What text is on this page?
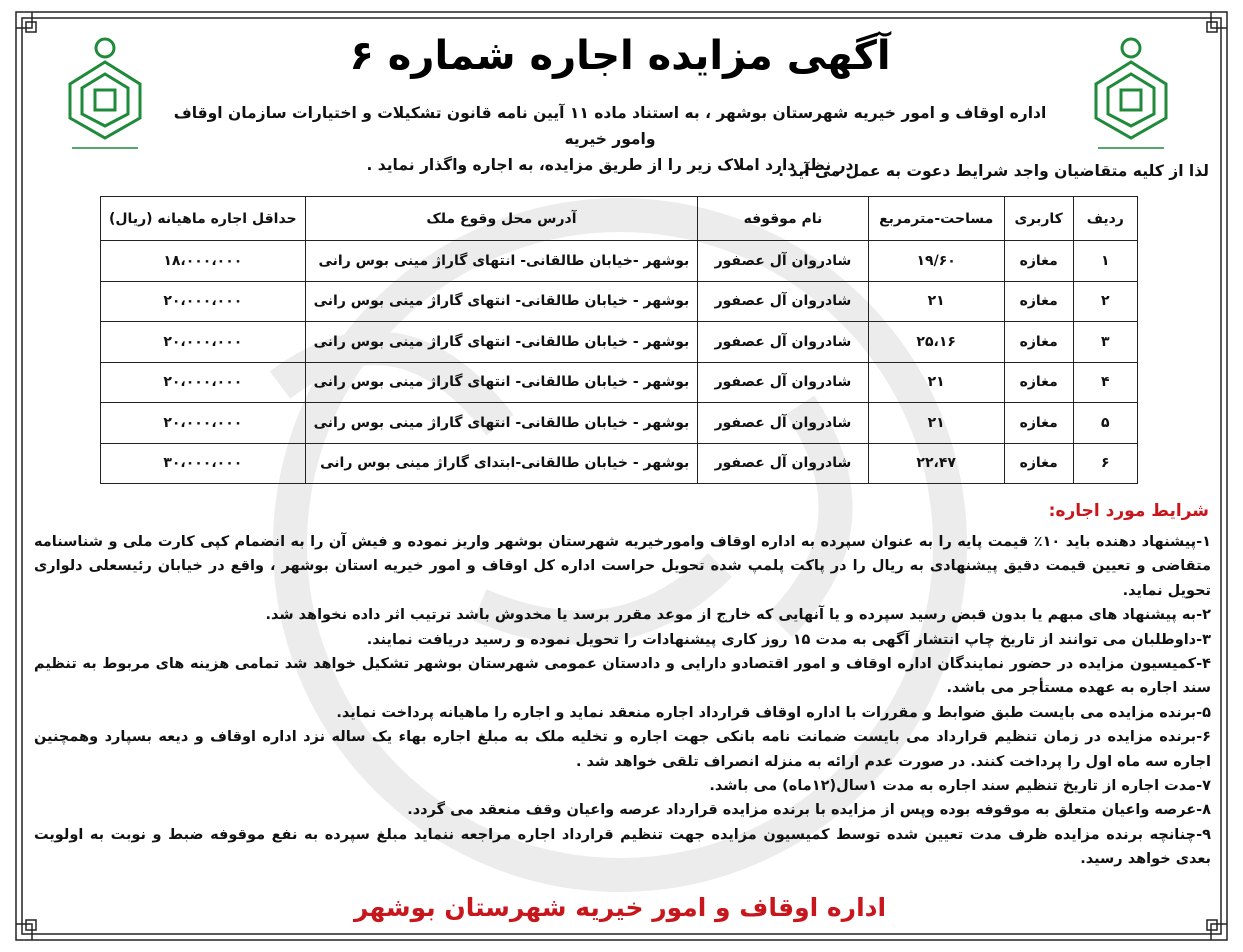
آگهی مزایده اجاره شماره ۶
اداره اوقاف و امور خیریه شهرستان بوشهر ، به استناد ماده ۱۱ آیین نامه قانون تشکیلات و اختیارات سازمان اوقاف وامور خیریه
در نظر دارد املاک زیر را از طریق مزایده، به اجاره واگذار نماید .
لذا از کلیه متقاضیان واجد شرایط دعوت به عمل می آید .
ردیف	کاربری	مساحت-مترمربع	نام موقوفه	آدرس محل وقوع ملک	حداقل اجاره ماهیانه (ریال)
۱	مغازه	۱۹/۶۰	شادروان آل عصفور	بوشهر -خیابان طالقانی- انتهای گاراژ مینی بوس رانی	۱۸،۰۰۰،۰۰۰
۲	مغازه	۲۱	شادروان آل عصفور	بوشهر - خیابان طالقانی- انتهای گاراژ مینی بوس رانی	۲۰،۰۰۰،۰۰۰
۳	مغازه	۲۵،۱۶	شادروان آل عصفور	بوشهر - خیابان طالقانی- انتهای گاراژ مینی بوس رانی	۲۰،۰۰۰،۰۰۰
۴	مغازه	۲۱	شادروان آل عصفور	بوشهر - خیابان طالقانی- انتهای گاراژ مینی بوس رانی	۲۰،۰۰۰،۰۰۰
۵	مغازه	۲۱	شادروان آل عصفور	بوشهر - خیابان طالقانی- انتهای گاراژ مینی بوس رانی	۲۰،۰۰۰،۰۰۰
۶	مغازه	۲۲،۴۷	شادروان آل عصفور	بوشهر - خیابان طالقانی-ابتدای گاراژ مینی بوس رانی	۳۰،۰۰۰،۰۰۰
شرایط مورد اجاره:

۱-پیشنهاد دهنده باید ۱۰٪ قیمت پایه را به عنوان سپرده به اداره اوقاف وامورخیریه شهرستان بوشهر واریز نموده و فیش آن را به انضمام کپی کارت ملی و شناسنامه متقاضی و تعیین قیمت دقیق پیشنهادی به ریال را در پاکت پلمپ شده تحویل حراست اداره کل اوقاف و امور خیریه استان بوشهر ، واقع در خیابان رئیسعلی دلواری تحویل نماید.

۲-به پیشنهاد های مبهم یا بدون قبض رسید سپرده و یا آنهایی که خارج از موعد مقرر برسد یا مخدوش باشد ترتیب اثر داده نخواهد شد.

۳-داوطلبان می توانند از تاریخ چاپ انتشار آگهی به مدت ۱۵ روز کاری پیشنهادات را تحویل نموده و رسید دریافت نمایند.

۴-کمیسیون مزایده در حضور نمایندگان اداره اوقاف و امور اقتصادو دارایی و دادستان عمومی شهرستان بوشهر تشکیل خواهد شد تمامی هزینه های مربوط به تنظیم سند اجاره به عهده مستأجر می باشد.

۵-برنده مزایده می بایست طبق ضوابط و مقررات با اداره اوقاف قرارداد اجاره منعقد نماید و اجاره را ماهیانه پرداخت نماید.

۶-برنده مزایده در زمان تنظیم قرارداد می بایست ضمانت نامه بانکی جهت اجاره و تخلیه ملک به مبلغ اجاره بهاء یک ساله نزد اداره اوقاف و دیعه بسپارد وهمچنین اجاره سه ماه اول را پرداخت کنند. در صورت عدم ارائه به منزله انصراف تلقی خواهد شد .

۷-مدت اجاره از تاریخ تنظیم سند اجاره به مدت ۱سال(۱۲ماه) می باشد.

۸-عرصه واعیان متعلق به موقوفه بوده وپس از مزایده با برنده مزایده قرارداد عرصه واعیان وقف منعقد می گردد.

۹-چنانچه برنده مزایده ظرف مدت تعیین شده توسط کمیسیون مزایده جهت تنظیم قرارداد اجاره مراجعه ننماید مبلغ سپرده به نفع موقوفه ضبط و نوبت به اولویت بعدی خواهد رسید.

اداره اوقاف و امور خیریه شهرستان بوشهر
